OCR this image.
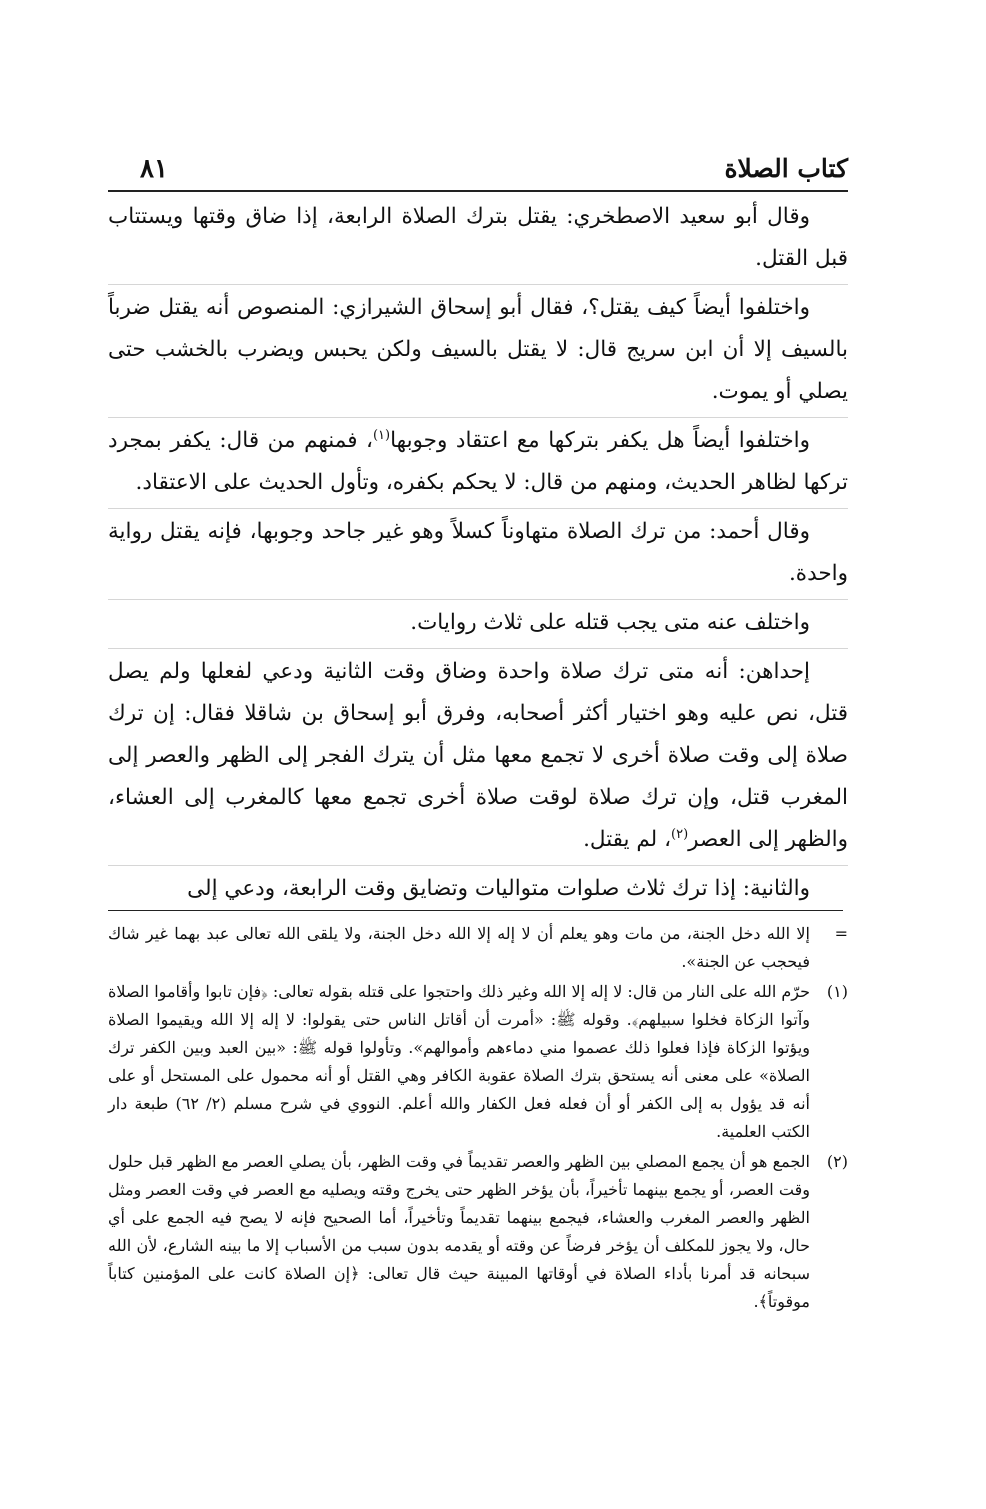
كتاب الصلاة
٨١

وقال أبو سعيد الاصطخري: يقتل بترك الصلاة الرابعة، إذا ضاق وقتها ويستتاب قبل القتل.

واختلفوا أيضاً كيف يقتل؟، فقال أبو إسحاق الشيرازي: المنصوص أنه يقتل ضرباً بالسيف إلا أن ابن سريج قال: لا يقتل بالسيف ولكن يحبس ويضرب بالخشب حتى يصلي أو يموت.

واختلفوا أيضاً هل يكفر بتركها مع اعتقاد وجوبها$^{(١)}$، فمنهم من قال: يكفر بمجرد تركها لظاهر الحديث، ومنهم من قال: لا يحكم بكفره، وتأول الحديث على الاعتقاد.

وقال أحمد: من ترك الصلاة متهاوناً كسلاً وهو غير جاحد وجوبها، فإنه يقتل رواية واحدة.

واختلف عنه متى يجب قتله على ثلاث روايات.

إحداهن: أنه متى ترك صلاة واحدة وضاق وقت الثانية ودعي لفعلها ولم يصل قتل، نص عليه وهو اختيار أكثر أصحابه، وفرق أبو إسحاق بن شاقلا فقال: إن ترك صلاة إلى وقت صلاة أخرى لا تجمع معها مثل أن يترك الفجر إلى الظهر والعصر إلى المغرب قتل، وإن ترك صلاة لوقت صلاة أخرى تجمع معها كالمغرب إلى العشاء، والظهر إلى العصر$^{(٢)}$، لم يقتل.

والثانية: إذا ترك ثلاث صلوات متواليات وتضايق وقت الرابعة، ودعي إلى

=
إلا الله دخل الجنة، من مات وهو يعلم أن لا إله إلا الله دخل الجنة، ولا يلقى الله تعالى عبد بهما غير شاك فيحجب عن الجنة».
(١)
حرّم الله على النار من قال: لا إله إلا الله وغير ذلك واحتجوا على قتله بقوله تعالى: ﴿فإن تابوا وأقاموا الصلاة وآتوا الزكاة فخلوا سبيلهم﴾. وقوله ﷺ: «أمرت أن أقاتل الناس حتى يقولوا: لا إله إلا الله ويقيموا الصلاة ويؤتوا الزكاة فإذا فعلوا ذلك عصموا مني دماءهم وأموالهم». وتأولوا قوله ﷺ: «بين العبد وبين الكفر ترك الصلاة» على معنى أنه يستحق بترك الصلاة عقوبة الكافر وهي القتل أو أنه محمول على المستحل أو على أنه قد يؤول به إلى الكفر أو أن فعله فعل الكفار والله أعلم. النووي في شرح مسلم (٢/ ٦٢) طبعة دار الكتب العلمية.
(٢)
الجمع هو أن يجمع المصلي بين الظهر والعصر تقديماً في وقت الظهر، بأن يصلي العصر مع الظهر قبل حلول وقت العصر، أو يجمع بينهما تأخيراً، بأن يؤخر الظهر حتى يخرج وقته ويصليه مع العصر في وقت العصر ومثل الظهر والعصر المغرب والعشاء، فيجمع بينهما تقديماً وتأخيراً، أما الصحيح فإنه لا يصح فيه الجمع على أي حال، ولا يجوز للمكلف أن يؤخر فرضاً عن وقته أو يقدمه بدون سبب من الأسباب إلا ما بينه الشارع، لأن الله سبحانه قد أمرنا بأداء الصلاة في أوقاتها المبينة حيث قال تعالى: ﴿إن الصلاة كانت على المؤمنين كتاباً موقوتاً﴾.
